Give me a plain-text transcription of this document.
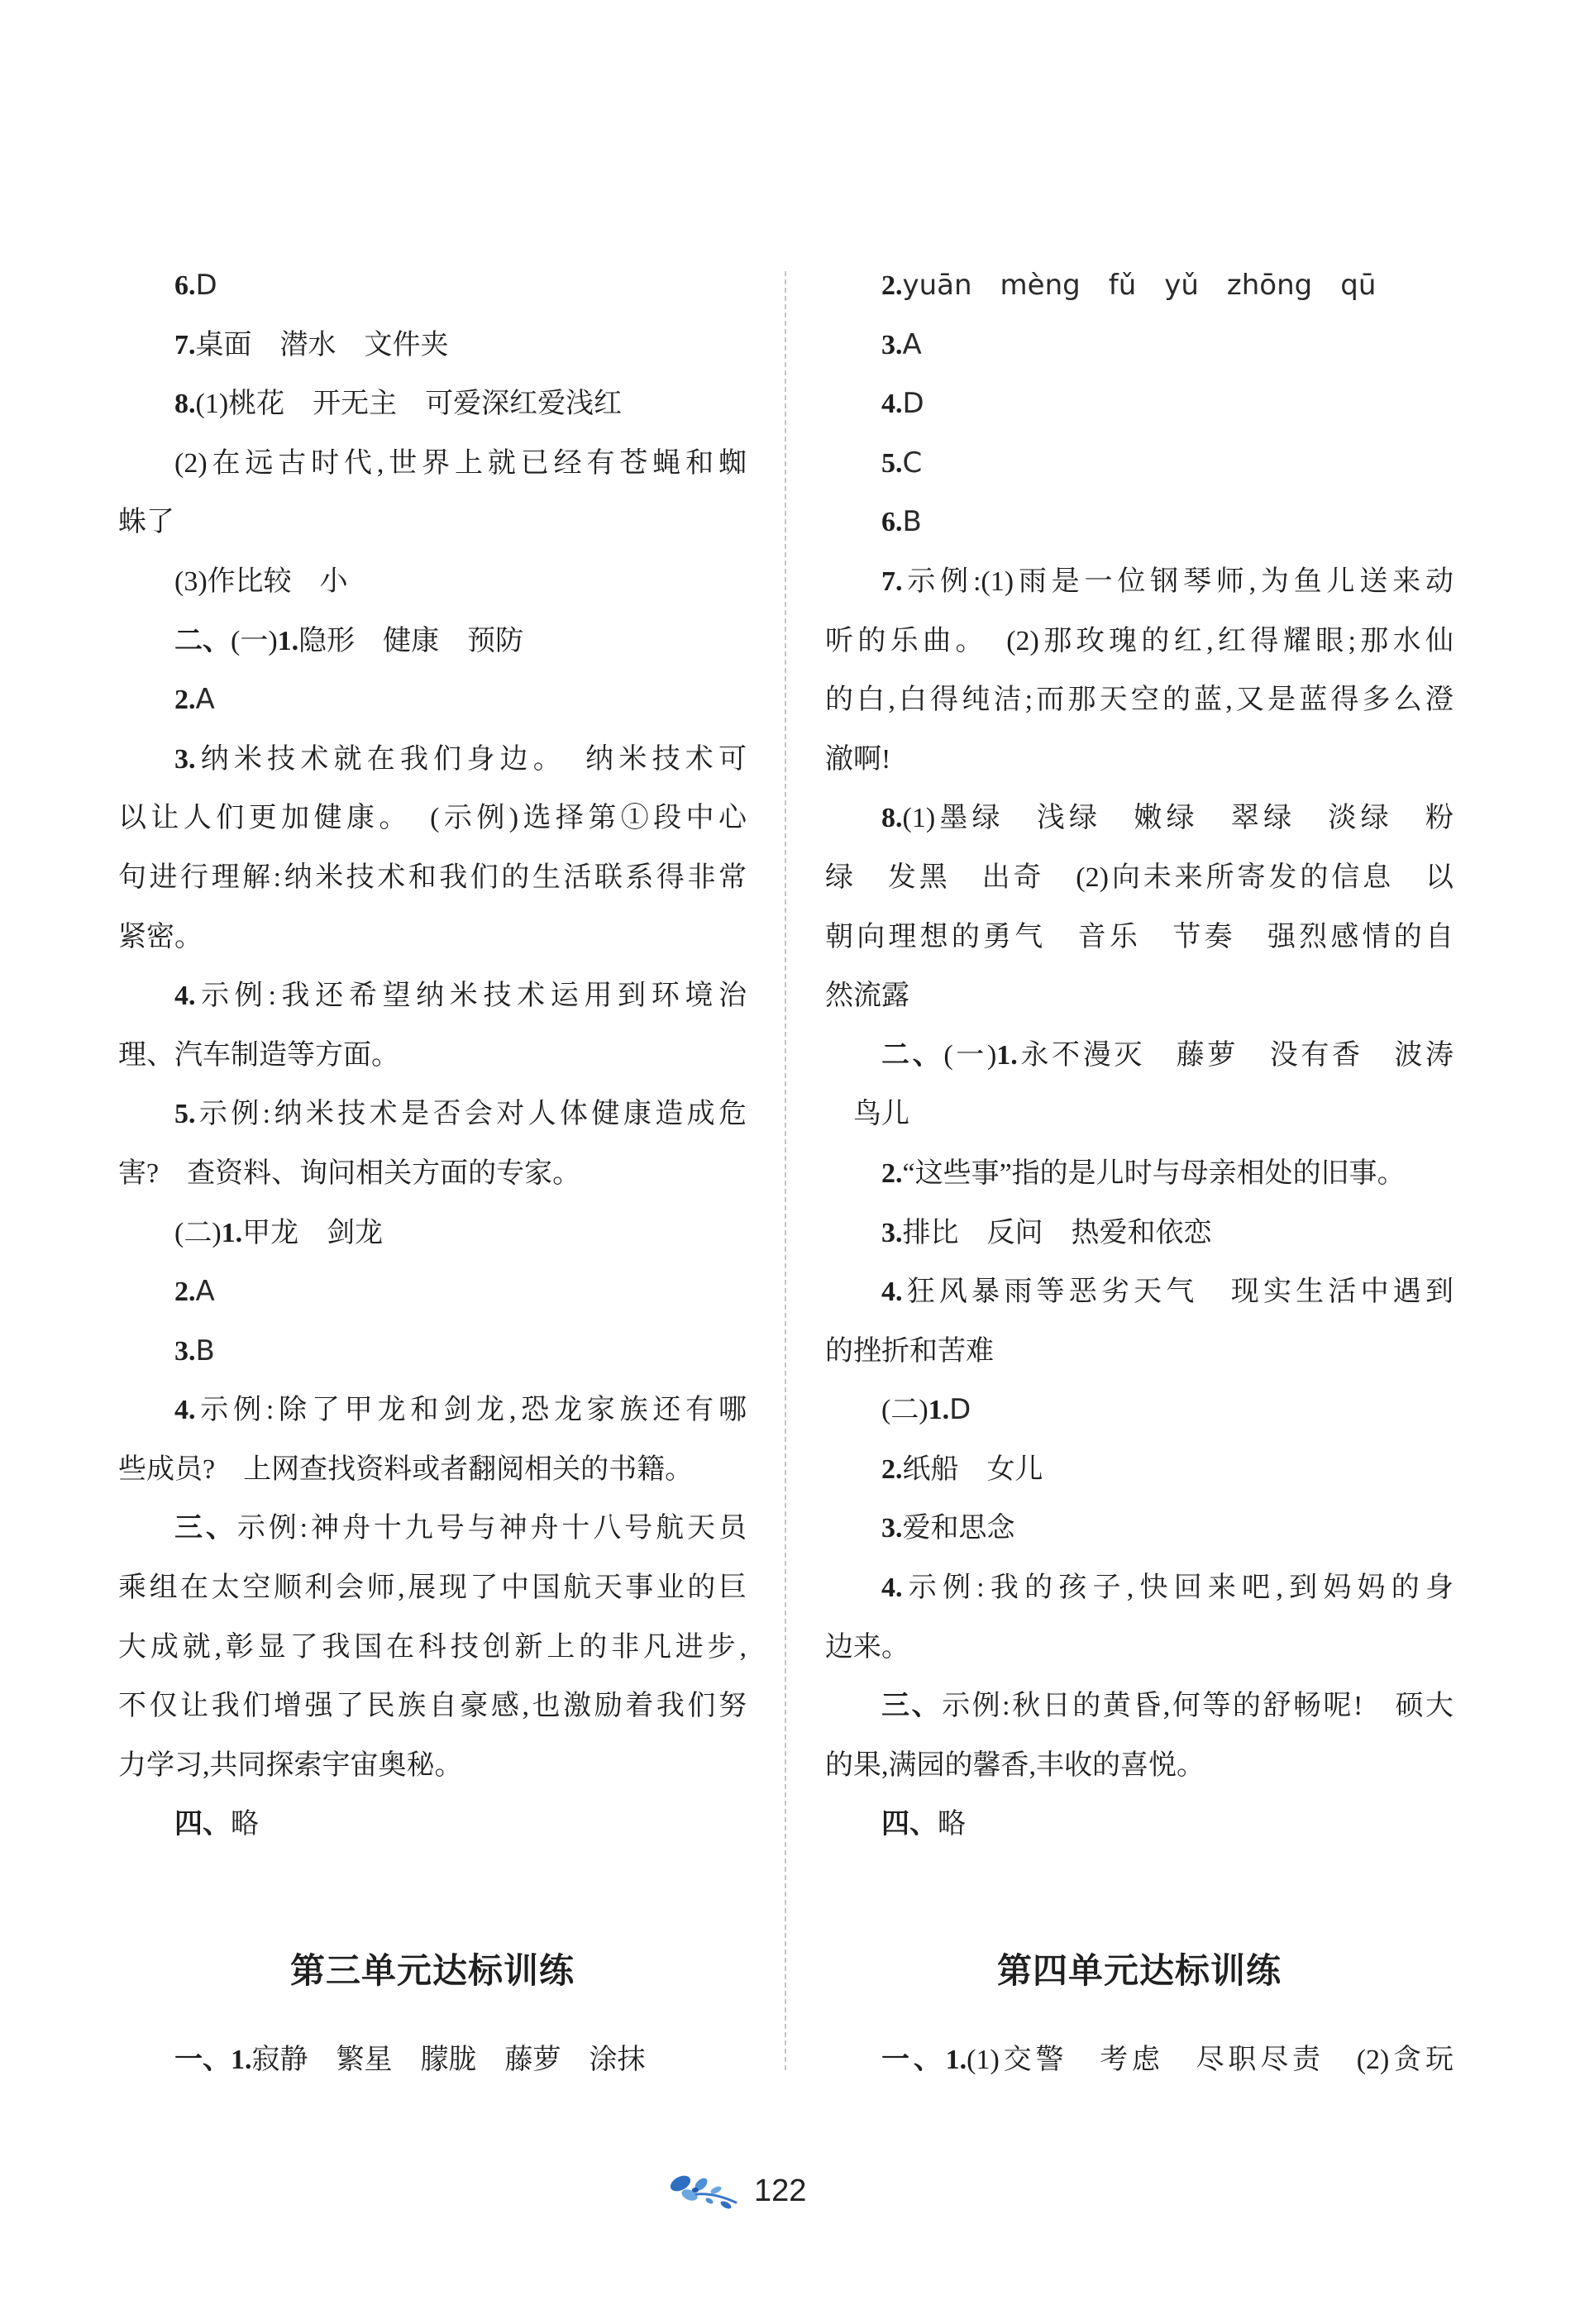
6.D
7.桌面　潜水　文件夹
8.(1)桃花　开无主　可爱深红爱浅红
(2)在远古时代,世界上就已经有苍蝇和蜘
蛛了
(3)作比较　小
二、(一)1.隐形　健康　预防
2.A
3.纳米技术就在我们身边。　纳米技术可
以让人们更加健康。　(示例)选择第①段中心
句进行理解:纳米技术和我们的生活联系得非常
紧密。
4.示例:我还希望纳米技术运用到环境治
理、汽车制造等方面。
5.示例:纳米技术是否会对人体健康造成危
害?　查资料、询问相关方面的专家。
(二)1.甲龙　剑龙
2.A
3.B
4.示例:除了甲龙和剑龙,恐龙家族还有哪
些成员?　上网查找资料或者翻阅相关的书籍。
三、示例:神舟十九号与神舟十八号航天员
乘组在太空顺利会师,展现了中国航天事业的巨
大成就,彰显了我国在科技创新上的非凡进步,
不仅让我们增强了民族自豪感,也激励着我们努
力学习,共同探索宇宙奥秘。
四、略
2.yuān　mèng　fǔ　yǔ　zhōng　qū
3.A
4.D
5.C
6.B
7.示例:(1)雨是一位钢琴师,为鱼儿送来动
听的乐曲。　(2)那玫瑰的红,红得耀眼;那水仙
的白,白得纯洁;而那天空的蓝,又是蓝得多么澄
澈啊!
8.(1)墨绿　浅绿　嫩绿　翠绿　淡绿　粉
绿　发黑　出奇　(2)向未来所寄发的信息　以
朝向理想的勇气　音乐　节奏　强烈感情的自
然流露
二、(一)1.永不漫灭　藤萝　没有香　波涛
鸟儿
2.“这些事”指的是儿时与母亲相处的旧事。
3.排比　反问　热爱和依恋
4.狂风暴雨等恶劣天气　现实生活中遇到
的挫折和苦难
(二)1.D
2.纸船　女儿
3.爱和思念
4.示例:我的孩子,快回来吧,到妈妈的身
边来。
三、示例:秋日的黄昏,何等的舒畅呢!　硕大
的果,满园的馨香,丰收的喜悦。
四、略
第三单元达标训练	第四单元达标训练
一、1.寂静　繁星　朦胧　藤萝　涂抹	一、1.(1)交警　考虑　尽职尽责　(2)贪玩
122
